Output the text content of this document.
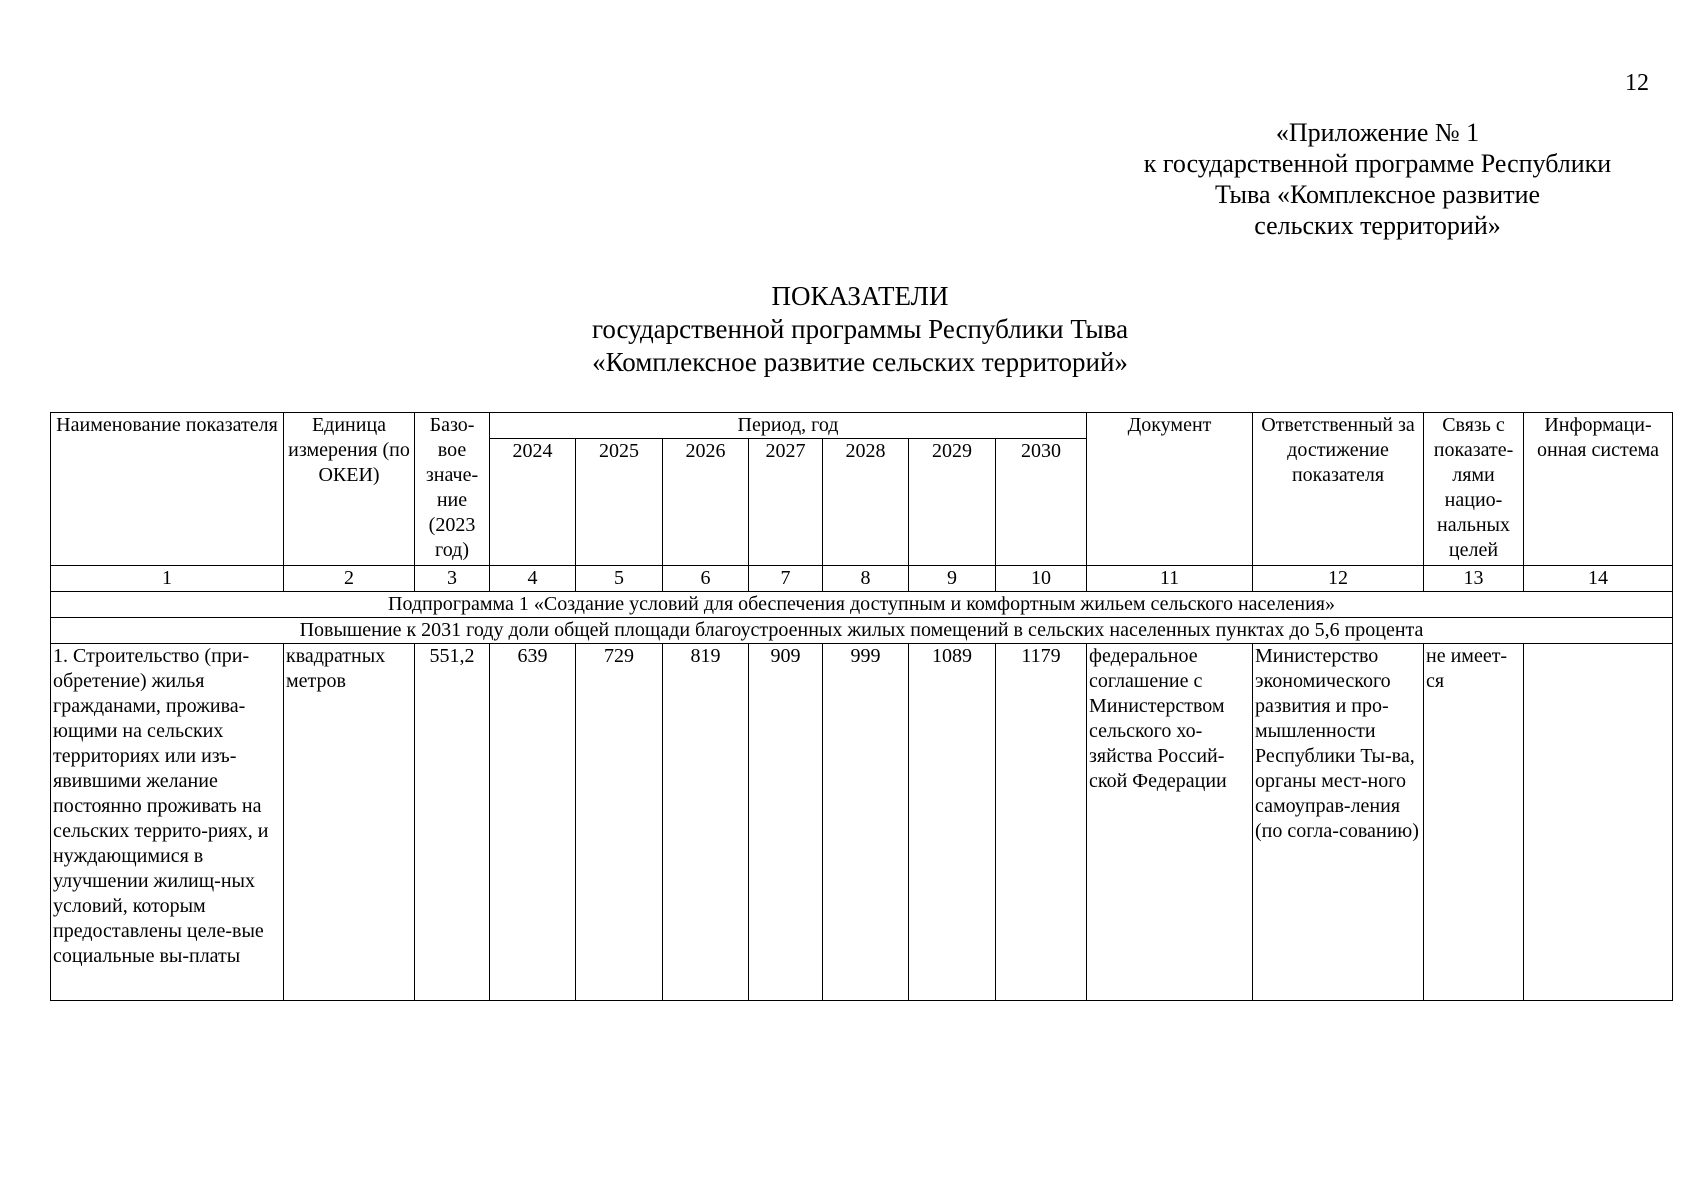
12
«Приложение № 1
к государственной программе Республики
Тыва «Комплексное развитие
сельских территорий»
ПОКАЗАТЕЛИ
государственной программы Республики Тыва
«Комплексное развитие сельских территорий»
Наименование показателя	Единица измерения (по ОКЕИ)	Базо-вое значе-ние (2023 год)	Период, год							Документ	Ответственный за достижение показателя	Связь с показате-лями нацио-нальных целей	Информаци-онная система
			2024	2025	2026	2027	2028	2029	2030				
1	2	3	4	5	6	7	8	9	10	11	12	13	14
Подпрограмма 1 «Создание условий для обеспечения доступным и комфортным жильем сельского населения»													
Повышение к 2031 году доли общей площади благоустроенных жилых помещений в сельских населенных пунктах до 5,6 процента													
1. Строительство (при-обретение) жилья гражданами, прожива-ющими на сельских территориях или изъ-явившими желание постоянно проживать на сельских террито-риях, и нуждающимися в улучшении жилищ-ных условий, которым предоставлены целе-вые социальные вы-платы	квадратных метров	551,2	639	729	819	909	999	1089	1179	федеральное соглашение с Министерством сельского хо-зяйства Россий-ской Федерации	Министерство экономического развития и про-мышленности Республики Ты-ва, органы мест-ного самоуправ-ления (по согла-сованию)	не имеет-ся	
